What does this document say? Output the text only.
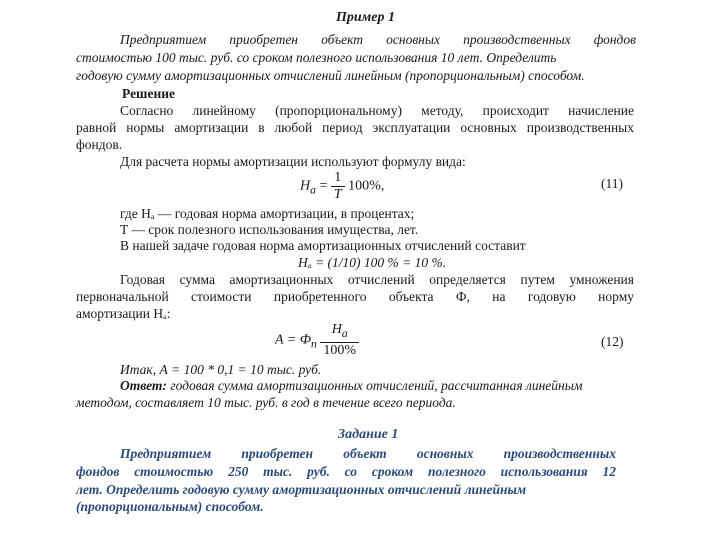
Пример 1
Предприятием приобретен объект основных производственных фондов
стоимостью 100 тыс. руб. со сроком полезного использования 10 лет. Определить
годовую сумму амортизационных отчислений линейным (пропорциональным) способом.
Решение
Согласно линейному (пропорциональному) методу, происходит начисление
равной нормы амортизации в любой период эксплуатации основных производственных
фондов.
Для расчета нормы амортизации используют формулу вида:
$Н_а = \frac{1}{T} 100\%$,	(11)
где Нₐ — годовая норма амортизации, в процентах;
T — срок полезного использования имущества, лет.
В нашей задаче годовая норма амортизационных отчислений составит
Нₐ = (1/10) 100 % = 10 %.
Годовая сумма амортизационных отчислений определяется путем умножения
первоначальной стоимости приобретенного объекта Ф, на годовую норму
амортизации Нₐ:
$A = Ф_п \frac{Н_а}{100\%}$	(12)
Итак, А = 100 * 0,1 = 10 тыс. руб.
Ответ: годовая сумма амортизационных отчислений, рассчитанная линейным
методом, составляет 10 тыс. руб. в год в течение всего периода.
Задание 1
Предприятием приобретен объект основных производственных
фондов стоимостью 250 тыс. руб. со сроком полезного использования 12
лет. Определить годовую сумму амортизационных отчислений линейным
(пропорциональным) способом.
